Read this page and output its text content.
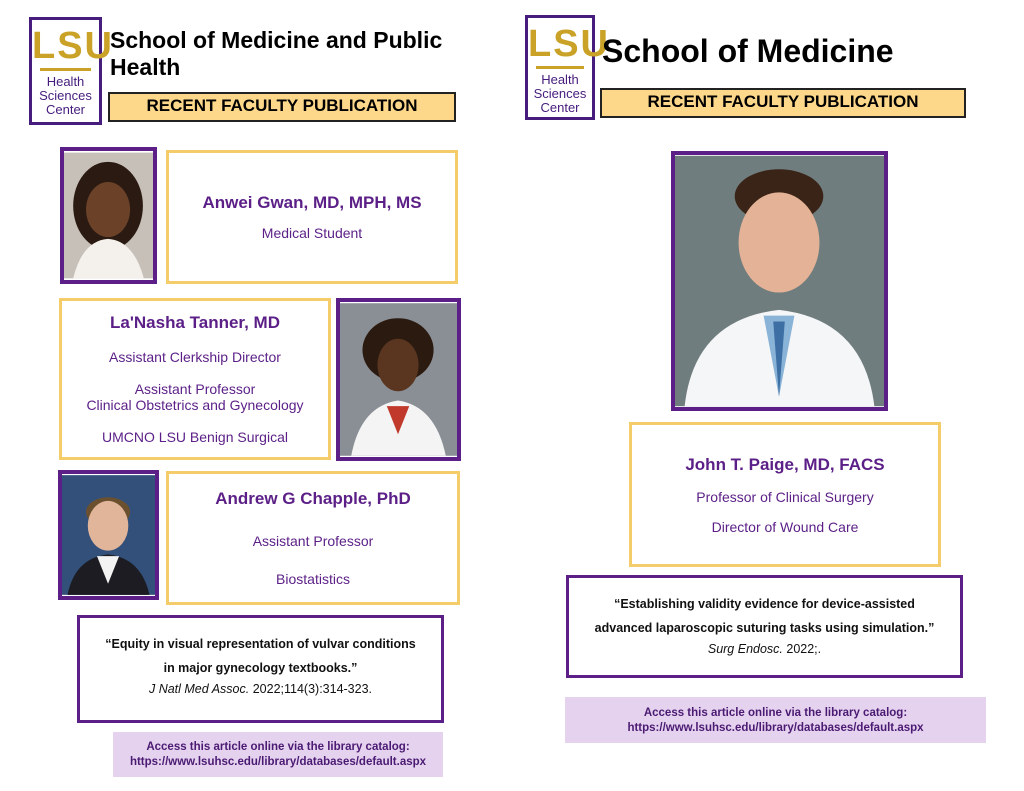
LSU
Health
Sciences
Center
School of Medicine and Public
Health
RECENT FACULTY PUBLICATION
Anwei Gwan, MD, MPH, MS
Medical Student
La'Nasha Tanner, MD
Assistant Clerkship Director
Assistant Professor
Clinical Obstetrics and Gynecology
UMCNO LSU Benign Surgical
Andrew G Chapple, PhD
Assistant Professor
Biostatistics
“Equity in visual representation of vulvar conditions
in major gynecology textbooks.”
J Natl Med Assoc. 2022;114(3):314-323.
Access this article online via the library catalog:
https://www.lsuhsc.edu/library/databases/default.aspx
LSU
Health
Sciences
Center
School of Medicine
RECENT FACULTY PUBLICATION
John T. Paige, MD, FACS
Professor of Clinical Surgery
Director of Wound Care
“Establishing validity evidence for device-assisted
advanced laparoscopic suturing tasks using simulation.”
Surg Endosc. 2022;.
Access this article online via the library catalog:
https://www.lsuhsc.edu/library/databases/default.aspx
